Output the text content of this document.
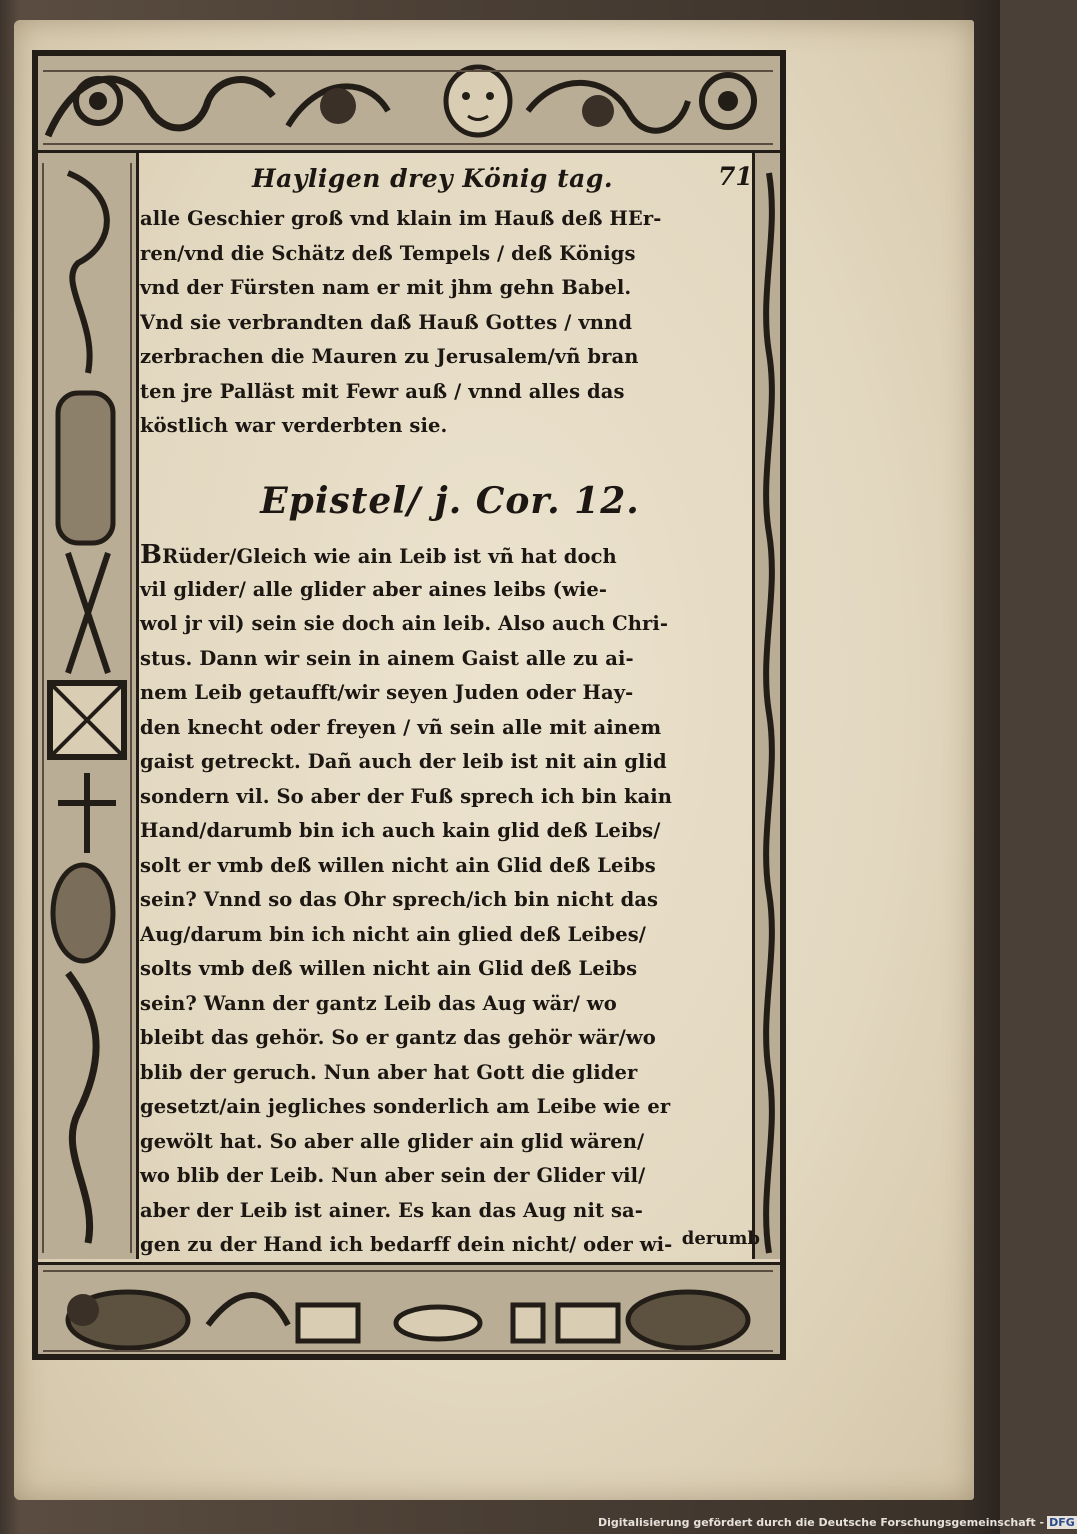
Hayligen drey König tag.	71
alle Geschier groß vnd klain im Hauß deß HEr-
ren/vnd die Schätz deß Tempels / deß Königs
vnd der Fürsten nam er mit jhm gehn Babel.
Vnd sie verbrandten daß Hauß Gottes / vnnd
zerbrachen die Mauren zu Jerusalem/vñ bran
ten jre Palläst mit Fewr auß / vnnd alles das
köstlich war verderbten sie.
Epistel/ j. Cor. 12.
BRüder/Gleich wie ain Leib ist vñ hat doch
vil glider/ alle glider aber aines leibs (wie-
wol jr vil) sein sie doch ain leib. Also auch Chri-
stus. Dann wir sein in ainem Gaist alle zu ai-
nem Leib getaufft/wir seyen Juden oder Hay-
den knecht oder freyen / vñ sein alle mit ainem
gaist getreckt. Dañ auch der leib ist nit ain glid
sondern vil. So aber der Fuß sprech ich bin kain
Hand/darumb bin ich auch kain glid deß Leibs/
solt er vmb deß willen nicht ain Glid deß Leibs
sein? Vnnd so das Ohr sprech/ich bin nicht das
Aug/darum bin ich nicht ain glied deß Leibes/
solts vmb deß willen nicht ain Glid deß Leibs
sein? Wann der gantz Leib das Aug wär/ wo
bleibt das gehör. So er gantz das gehör wär/wo
blib der geruch. Nun aber hat Gott die glider
gesetzt/ain jegliches sonderlich am Leibe wie er
gewölt hat. So aber alle glider ain glid wären/
wo blib der Leib. Nun aber sein der Glider vil/
aber der Leib ist ainer. Es kan das Aug nit sa-
gen zu der Hand ich bedarff dein nicht/ oder wi- derumb
Digitalisierung gefördert durch die Deutsche Forschungsgemeinschaft - DFG
